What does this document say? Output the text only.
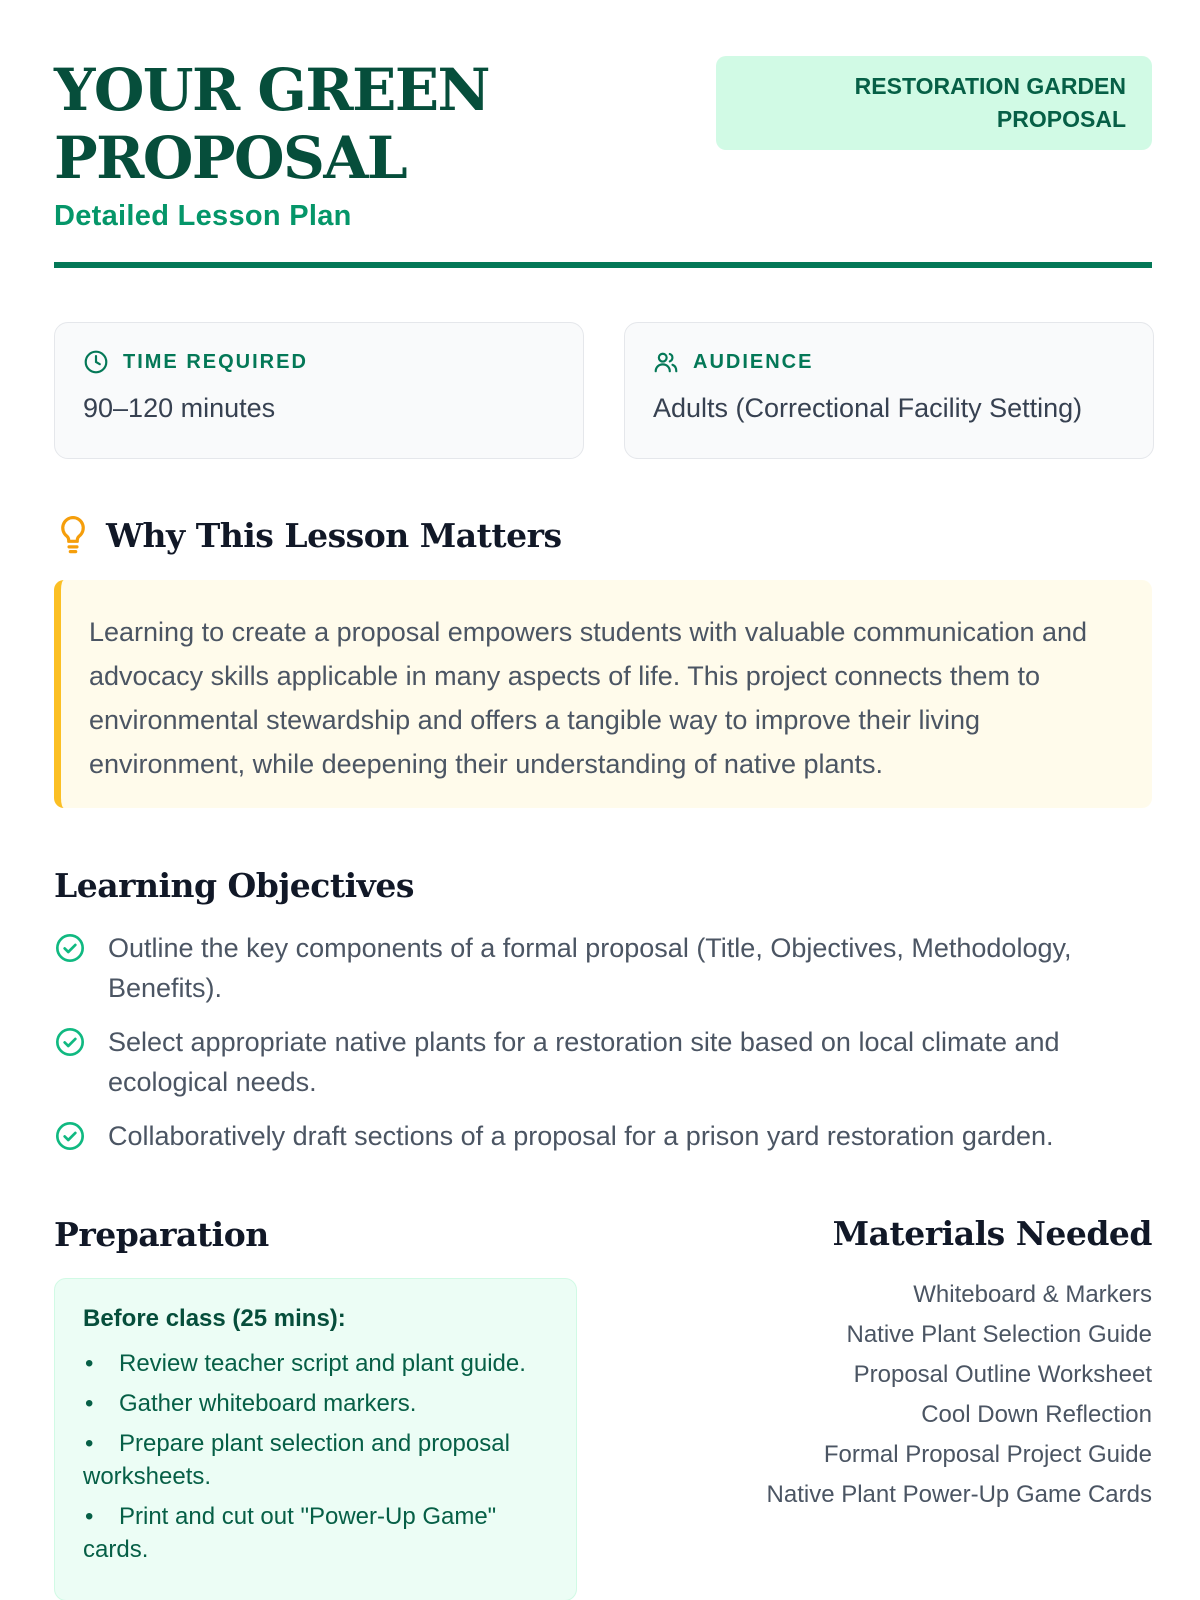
YOUR GREEN PROPOSAL
Detailed Lesson Plan
RESTORATION GARDEN PROPOSAL
TIME REQUIRED
90–120 minutes
AUDIENCE
Adults (Correctional Facility Setting)
Why This Lesson Matters
Learning to create a proposal empowers students with valuable communication and advocacy skills applicable in many aspects of life. This project connects them to environmental stewardship and offers a tangible way to improve their living environment, while deepening their understanding of native plants.
Learning Objectives
Outline the key components of a formal proposal (Title, Objectives, Methodology, Benefits).
Select appropriate native plants for a restoration site based on local climate and ecological needs.
Collaboratively draft sections of a proposal for a prison yard restoration garden.
Preparation
Before class (25 mins):
• Review teacher script and plant guide.
• Gather whiteboard markers.
• Prepare plant selection and proposal worksheets.
• Print and cut out "Power-Up Game" cards.
Materials Needed
Whiteboard & Markers
Native Plant Selection Guide
Proposal Outline Worksheet
Cool Down Reflection
Formal Proposal Project Guide
Native Plant Power-Up Game Cards
